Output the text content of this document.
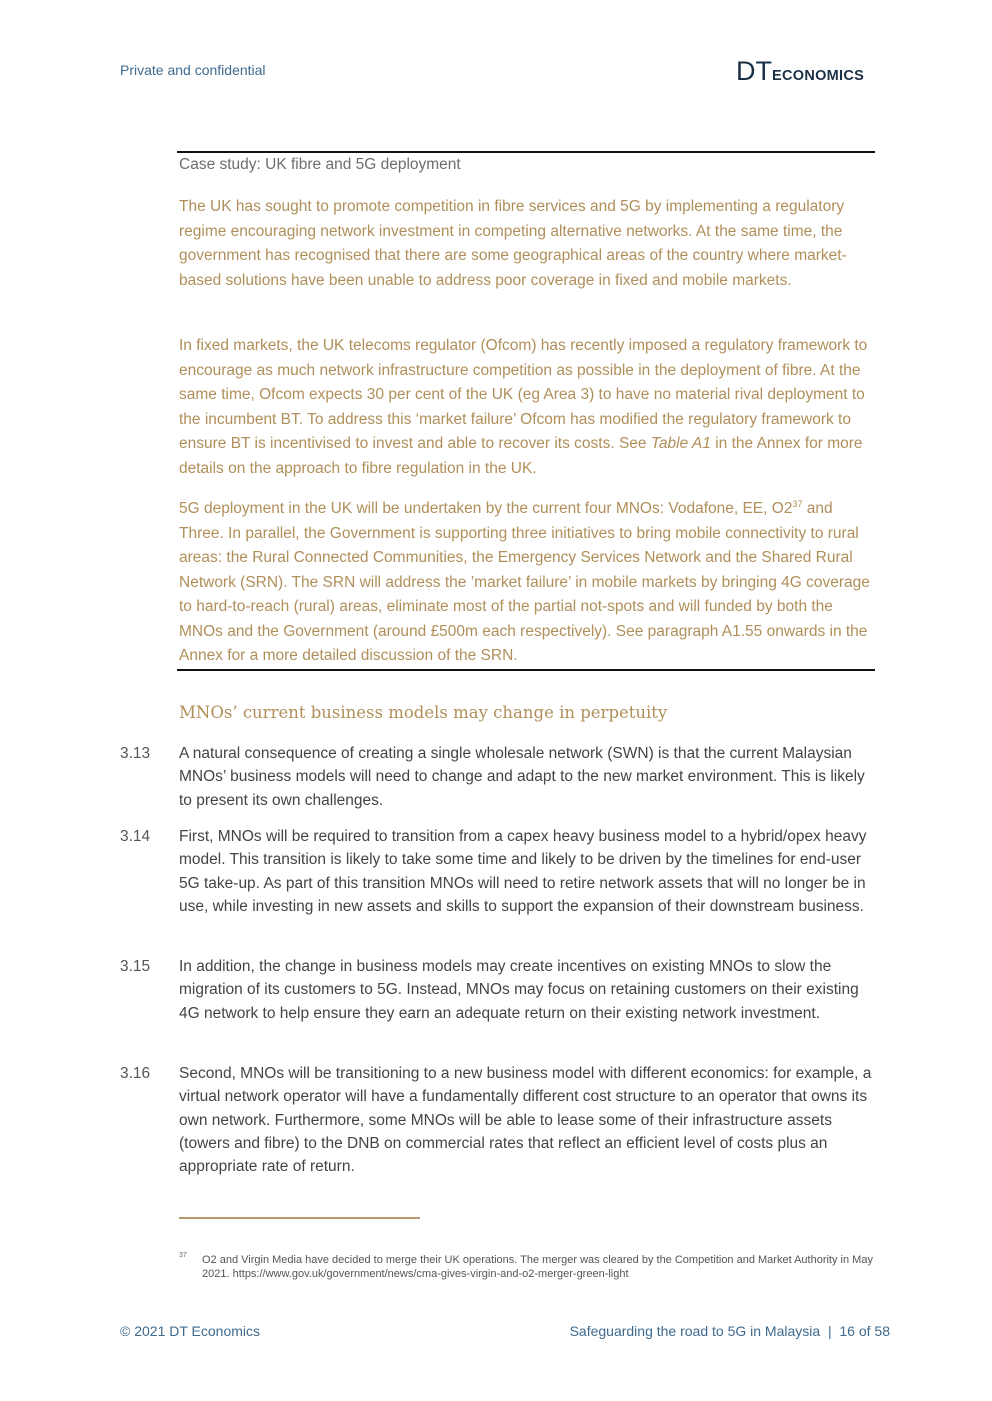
Private and confidential	DTECONOMICS
Case study: UK fibre and 5G deployment

The UK has sought to promote competition in fibre services and 5G by implementing a regulatory regime encouraging network investment in competing alternative networks. At the same time, the government has recognised that there are some geographical areas of the country where market-based solutions have been unable to address poor coverage in fixed and mobile markets.

In fixed markets, the UK telecoms regulator (Ofcom) has recently imposed a regulatory framework to encourage as much network infrastructure competition as possible in the deployment of fibre. At the same time, Ofcom expects 30 per cent of the UK (eg Area 3) to have no material rival deployment to the incumbent BT. To address this ‘market failure’ Ofcom has modified the regulatory framework to ensure BT is incentivised to invest and able to recover its costs. See Table A1 in the Annex for more details on the approach to fibre regulation in the UK.

5G deployment in the UK will be undertaken by the current four MNOs: Vodafone, EE, $O2^{37}$ and Three. In parallel, the Government is supporting three initiatives to bring mobile connectivity to rural areas: the Rural Connected Communities, the Emergency Services Network and the Shared Rural Network (SRN). The SRN will address the ’market failure’ in mobile markets by bringing 4G coverage to hard-to-reach (rural) areas, eliminate most of the partial not-spots and will funded by both the MNOs and the Government (around £500m each respectively). See paragraph A1.55 onwards in the Annex for a more detailed discussion of the SRN.

MNOs’ current business models may change in perpetuity
3.13 A natural consequence of creating a single wholesale network (SWN) is that the current Malaysian MNOs’ business models will need to change and adapt to the new market environment. This is likely to present its own challenges.

3.14 First, MNOs will be required to transition from a capex heavy business model to a hybrid/opex heavy model. This transition is likely to take some time and likely to be driven by the timelines for end-user 5G take-up. As part of this transition MNOs will need to retire network assets that will no longer be in use, while investing in new assets and skills to support the expansion of their downstream business.

3.15 In addition, the change in business models may create incentives on existing MNOs to slow the migration of its customers to 5G. Instead, MNOs may focus on retaining customers on their existing 4G network to help ensure they earn an adequate return on their existing network investment.

3.16 Second, MNOs will be transitioning to a new business model with different economics: for example, a virtual network operator will have a fundamentally different cost structure to an operator that owns its own network. Furthermore, some MNOs will be able to lease some of their infrastructure assets (towers and fibre) to the DNB on commercial rates that reflect an efficient level of costs plus an appropriate rate of return.

37 O2 and Virgin Media have decided to merge their UK operations. The merger was cleared by the Competition and Market Authority in May 2021. https://www.gov.uk/government/news/cma-gives-virgin-and-o2-merger-green-light
© 2021 DT Economics	Safeguarding the road to 5G in Malaysia | 16 of 58
